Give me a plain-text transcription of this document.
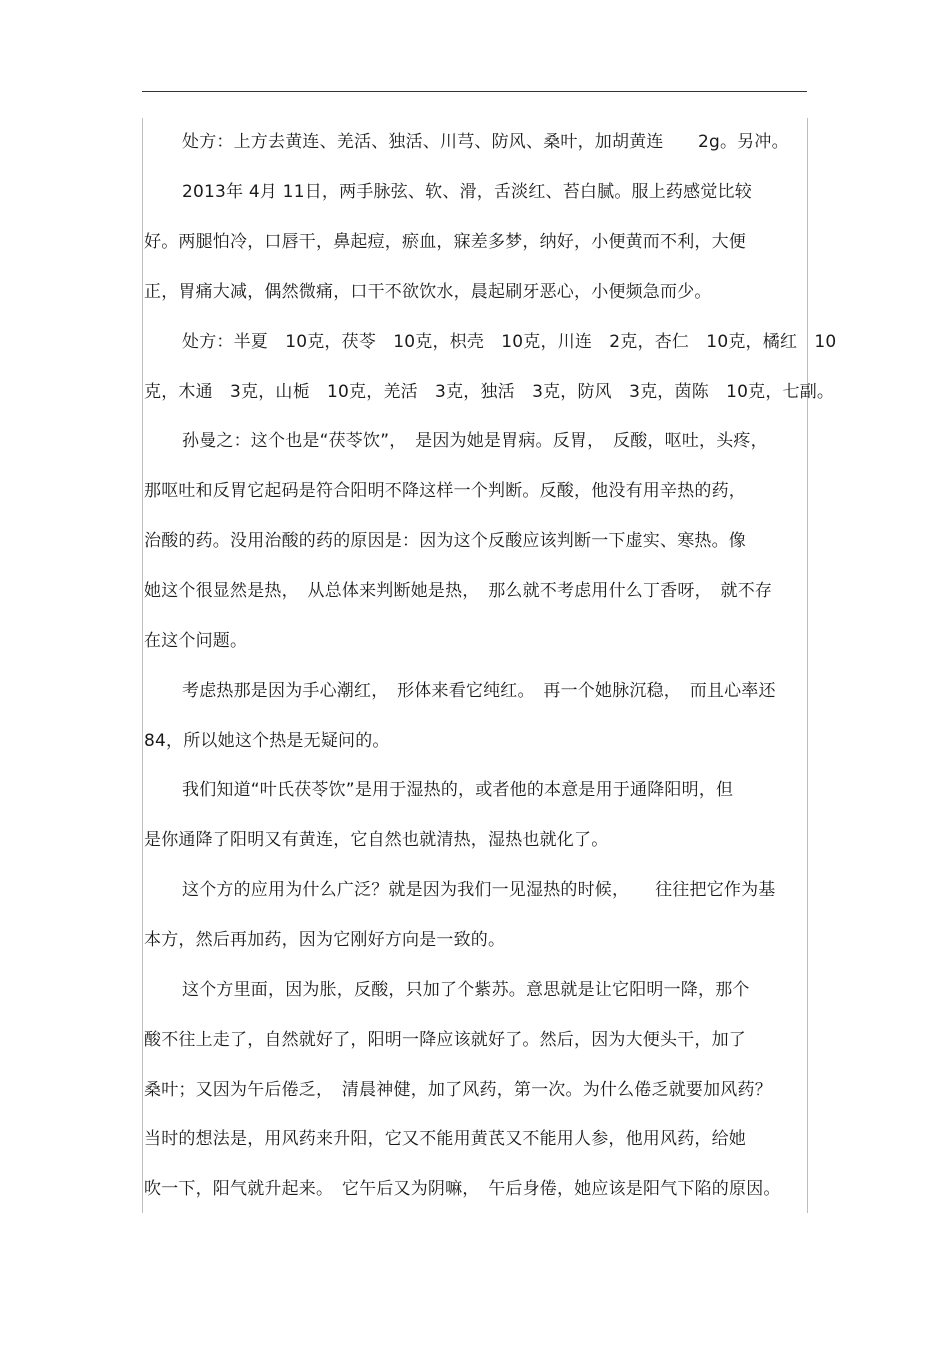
处方：上方去黄连、羌活、独活、川芎、防风、桑叶，加胡黄连　　2g。另冲。
2013年 4月 11日，两手脉弦、软、滑，舌淡红、苔白腻。服上药感觉比较
好。两腿怕冷，口唇干，鼻起痘，瘀血，寐差多梦，纳好，小便黄而不利，大便
正，胃痛大减，偶然微痛，口干不欲饮水，晨起刷牙恶心，小便频急而少。
处方：半夏　10克，茯苓　10克，枳壳　10克，川连　2克，杏仁　10克，橘红　10
克，木通　3克，山栀　10克，羌活　3克，独活　3克，防风　3克，茵陈　10克，七副。
孙曼之：这个也是“茯苓饮”，　是因为她是胃病。反胃，　反酸，呕吐，头疼，
那呕吐和反胃它起码是符合阳明不降这样一个判断。反酸，他没有用辛热的药，
治酸的药。没用治酸的药的原因是：因为这个反酸应该判断一下虚实、寒热。像
她这个很显然是热，　从总体来判断她是热，　那么就不考虑用什么丁香呀，　就不存
在这个问题。
考虑热那是因为手心潮红，　形体来看它纯红。　再一个她脉沉稳，　而且心率还
84，所以她这个热是无疑问的。
我们知道“叶氏茯苓饮”是用于湿热的，或者他的本意是用于通降阳明，但
是你通降了阳明又有黄连，它自然也就清热，湿热也就化了。
这个方的应用为什么广泛？就是因为我们一见湿热的时候，　　往往把它作为基
本方，然后再加药，因为它刚好方向是一致的。
这个方里面，因为胀，反酸，只加了个紫苏。意思就是让它阳明一降，那个
酸不往上走了，自然就好了，阳明一降应该就好了。然后，因为大便头干，加了
桑叶；又因为午后倦乏，　清晨神健，加了风药，第一次。为什么倦乏就要加风药？
当时的想法是，用风药来升阳，它又不能用黄芪又不能用人参，他用风药，给她
吹一下，阳气就升起来。　它午后又为阴嘛，　午后身倦，她应该是阳气下陷的原因。
